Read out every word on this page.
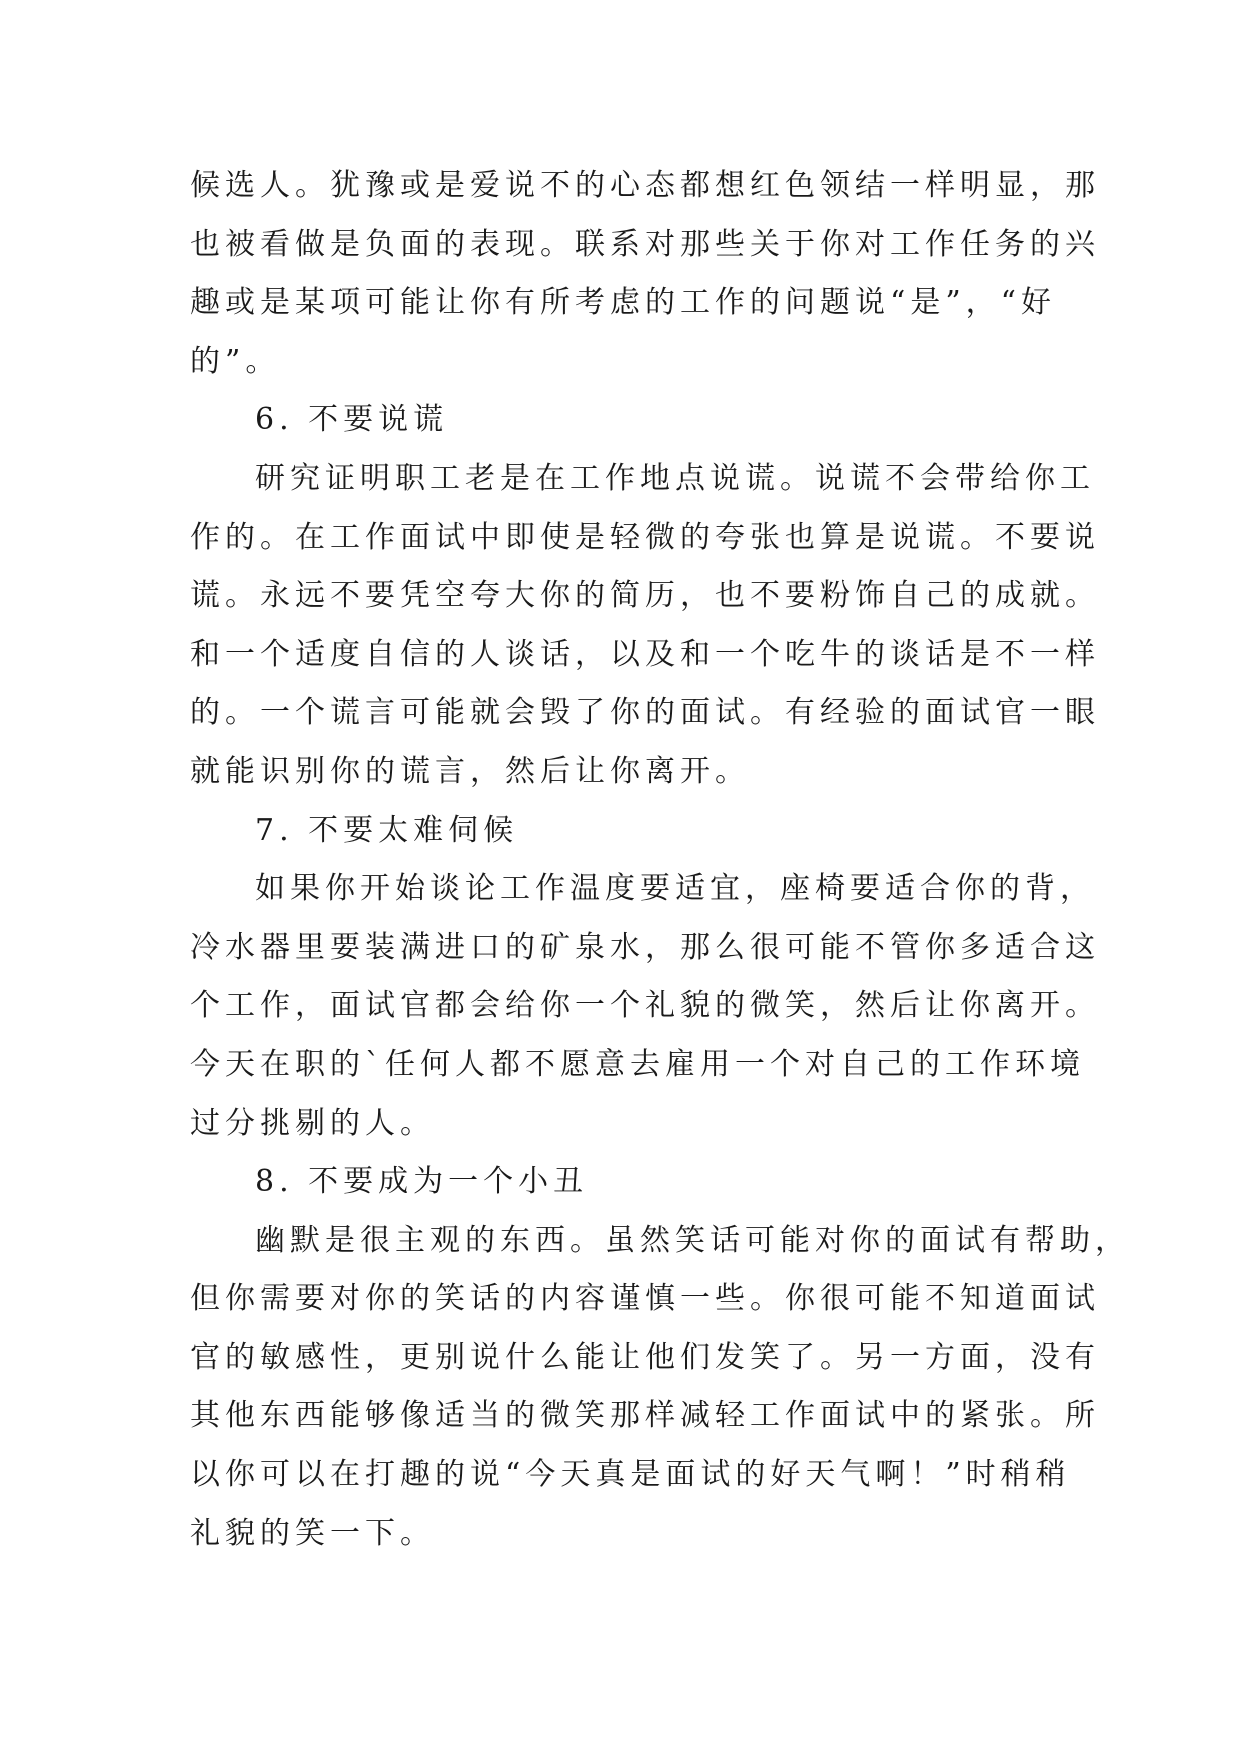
候选人。犹豫或是爱说不的心态都想红色领结一样明显，那
也被看做是负面的表现。联系对那些关于你对工作任务的兴
趣或是某项可能让你有所考虑的工作的问题说“是”，“好
的”。
6. 不要说谎
研究证明职工老是在工作地点说谎。说谎不会带给你工
作的。在工作面试中即使是轻微的夸张也算是说谎。不要说
谎。永远不要凭空夸大你的简历，也不要粉饰自己的成就。
和一个适度自信的人谈话，以及和一个吃牛的谈话是不一样
的。一个谎言可能就会毁了你的面试。有经验的面试官一眼
就能识别你的谎言，然后让你离开。
7. 不要太难伺候
如果你开始谈论工作温度要适宜，座椅要适合你的背，
冷水器里要装满进口的矿泉水，那么很可能不管你多适合这
个工作，面试官都会给你一个礼貌的微笑，然后让你离开。
今天在职的`任何人都不愿意去雇用一个对自己的工作环境
过分挑剔的人。
8. 不要成为一个小丑
幽默是很主观的东西。虽然笑话可能对你的面试有帮助，
但你需要对你的笑话的内容谨慎一些。你很可能不知道面试
官的敏感性，更别说什么能让他们发笑了。另一方面，没有
其他东西能够像适当的微笑那样减轻工作面试中的紧张。所
以你可以在打趣的说“今天真是面试的好天气啊！”时稍稍
礼貌的笑一下。
